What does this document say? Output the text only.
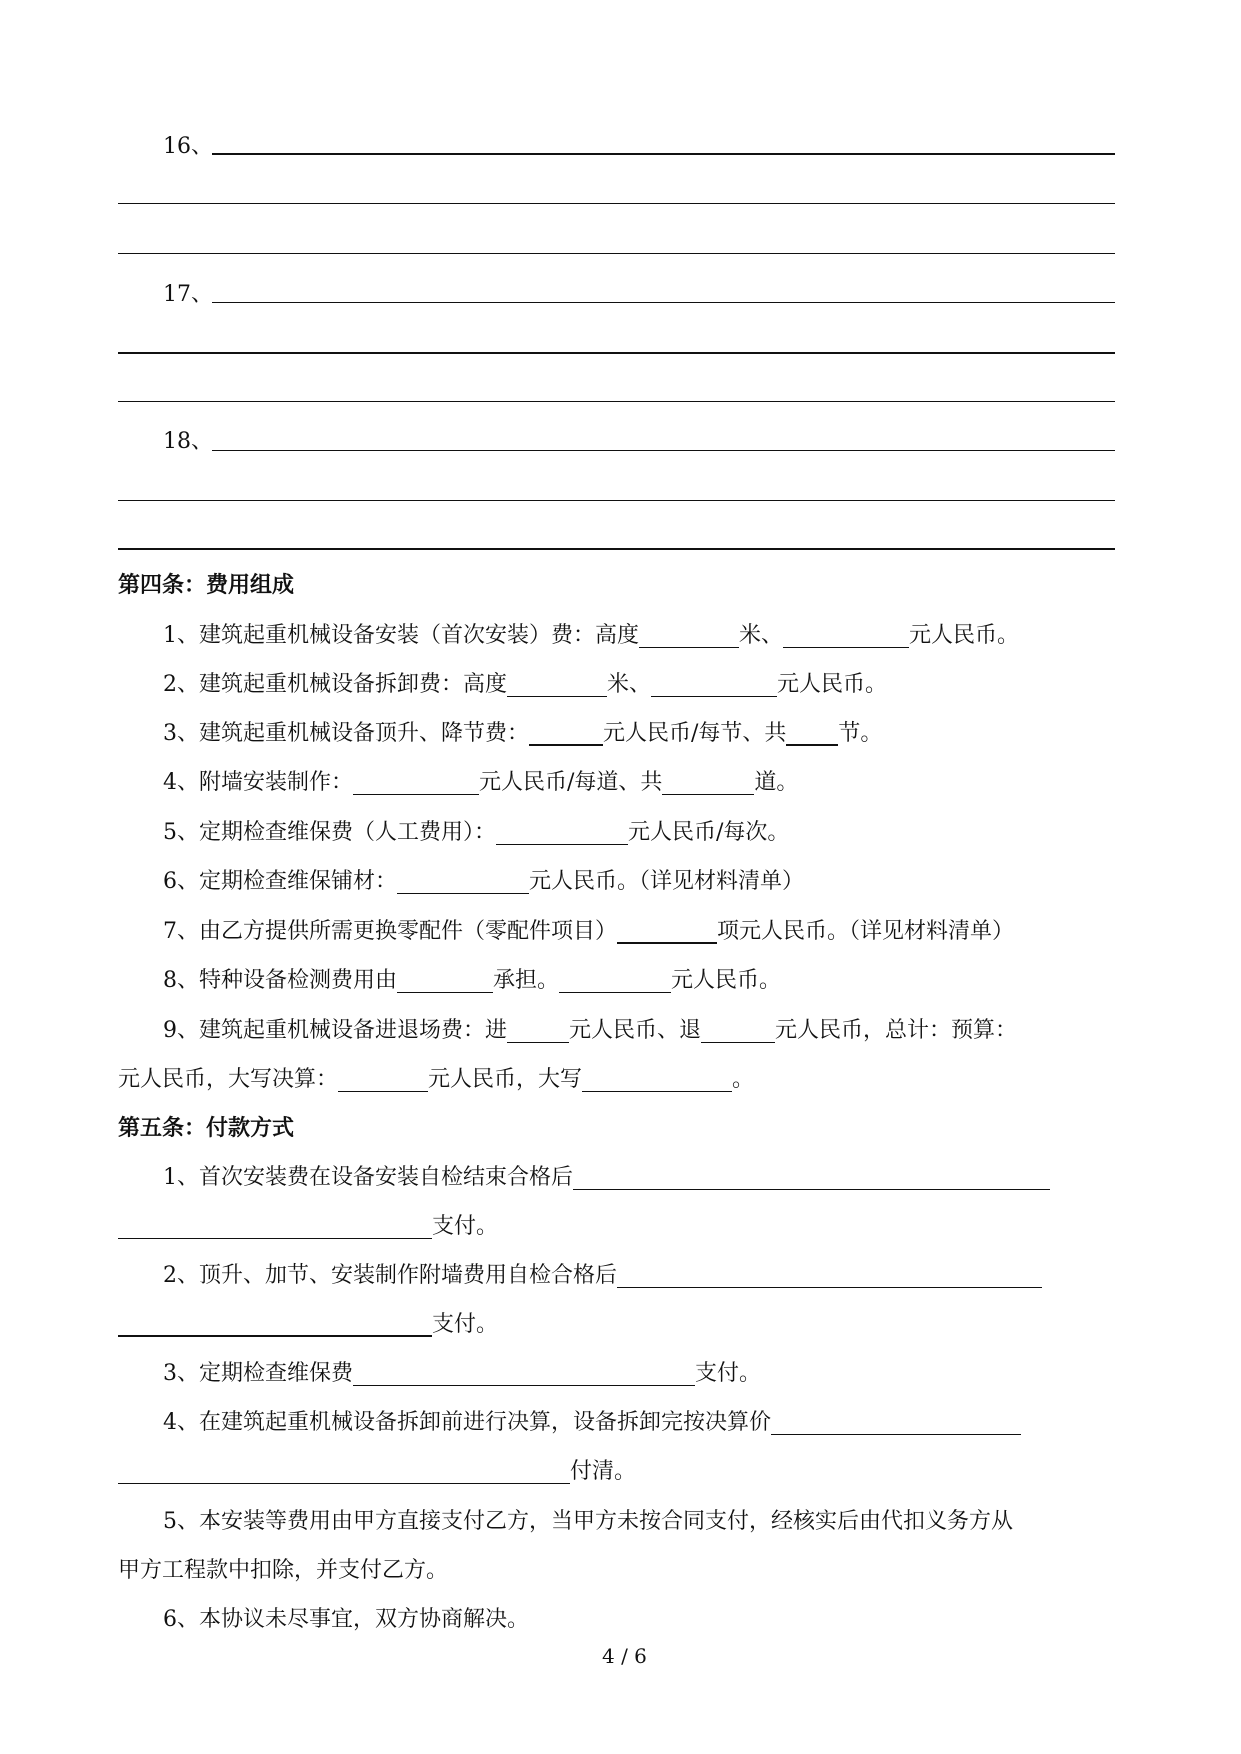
16、
17、
18、
第四条：费用组成
1、建筑起重机械设备安装（首次安装）费：高度	米、	元人民币。
2、建筑起重机械设备拆卸费：高度	米、	元人民币。
3、建筑起重机械设备顶升、降节费：	元人民币/每节、共 节。
4、附墙安装制作：	元人民币/每道、共	道。
5、定期检查维保费（人工费用）：	元人民币/每次。
6、定期检查维保铺材：	元人民币。（详见材料清单）
7、由乙方提供所需更换零配件（零配件项目）	项元人民币。（详见材料清单）
8、特种设备检测费用由	承担。	元人民币。
9、建筑起重机械设备进退场费：进	元人民币、退	元人民币，总计：预算：
元人民币，大写决算：	元人民币，大写	。
第五条：付款方式
1、首次安装费在设备安装自检结束合格后
支付。
2、顶升、加节、安装制作附墙费用自检合格后
支付。
3、定期检查维保费	支付。
4、在建筑起重机械设备拆卸前进行决算，设备拆卸完按决算价
付清。
5、本安装等费用由甲方直接支付乙方，当甲方未按合同支付，经核实后由代扣义务方从
甲方工程款中扣除，并支付乙方。
6、本协议未尽事宜，双方协商解决。
4 / 6
